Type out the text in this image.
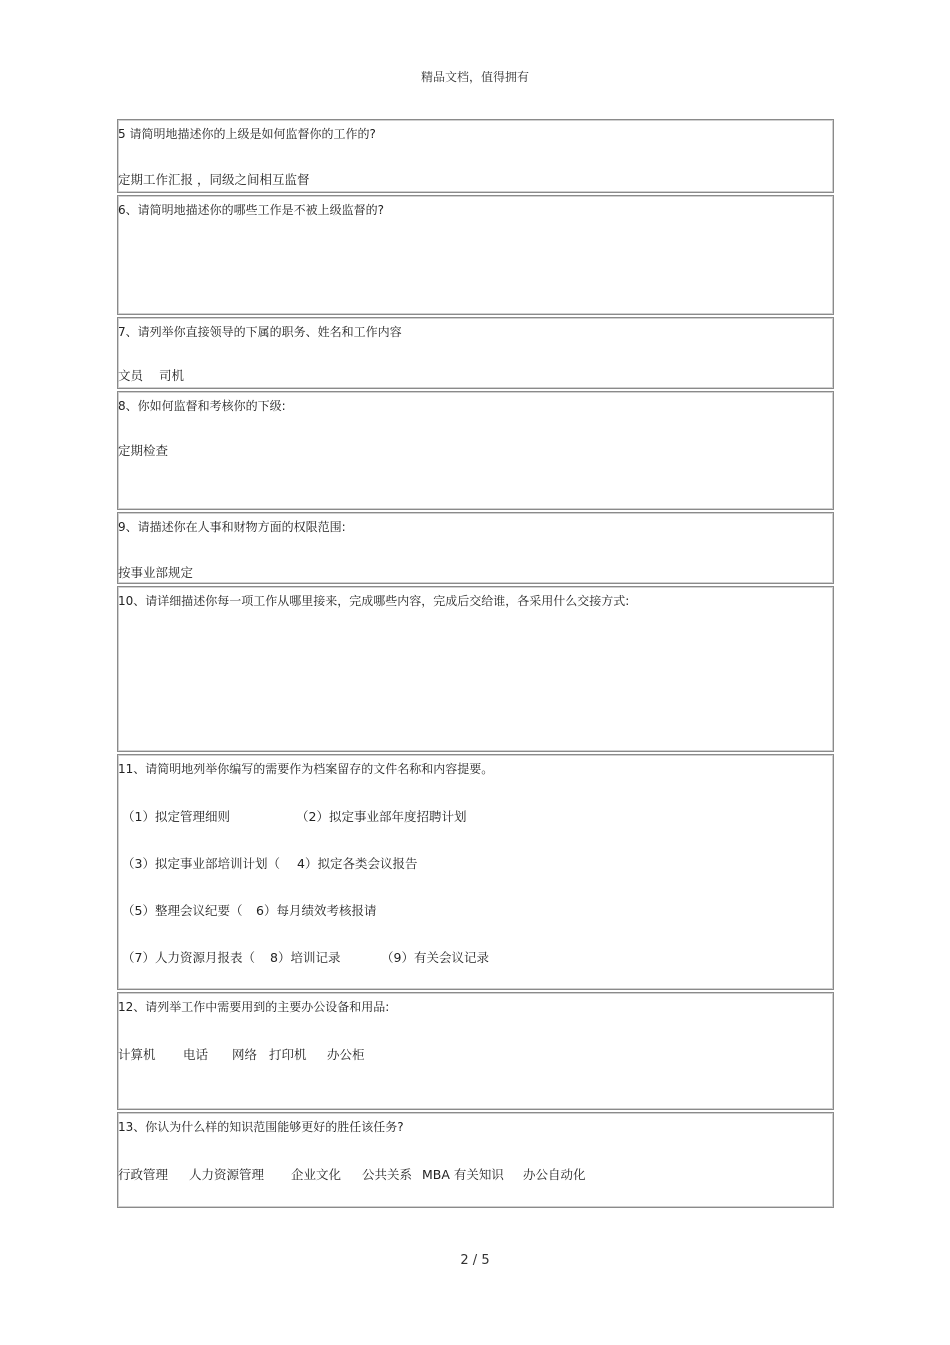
精品文档，值得拥有
5 请简明地描述你的上级是如何监督你的工作的?
定期工作汇报 ，同级之间相互监督
6、请简明地描述你的哪些工作是不被上级监督的?
7、请列举你直接领导的下属的职务、姓名和工作内容
文员 司机
8、你如何监督和考核你的下级:
定期检查
9、请描述你在人事和财物方面的权限范围:
按事业部规定
10、请详细描述你每一项工作从哪里接来，完成哪些内容，完成后交给谁，各采用什么交接方式:
11、请简明地列举你编写的需要作为档案留存的文件名称和内容提要。
（1）拟定管理细则	（2）拟定事业部年度招聘计划
（3）拟定事业部培训计划（ 4）拟定各类会议报告
（5）整理会议纪要（ 6）每月绩效考核报请
（7）人力资源月报表（ 8）培训记录	（9）有关会议记录
12、请列举工作中需要用到的主要办公设备和用品:
计算机 电话 网络 打印机 办公柜
13、你认为什么样的知识范围能够更好的胜任该任务?
行政管理 人力资源管理 企业文化 公共关系 MBA 有关知识 办公自动化
2 / 5
